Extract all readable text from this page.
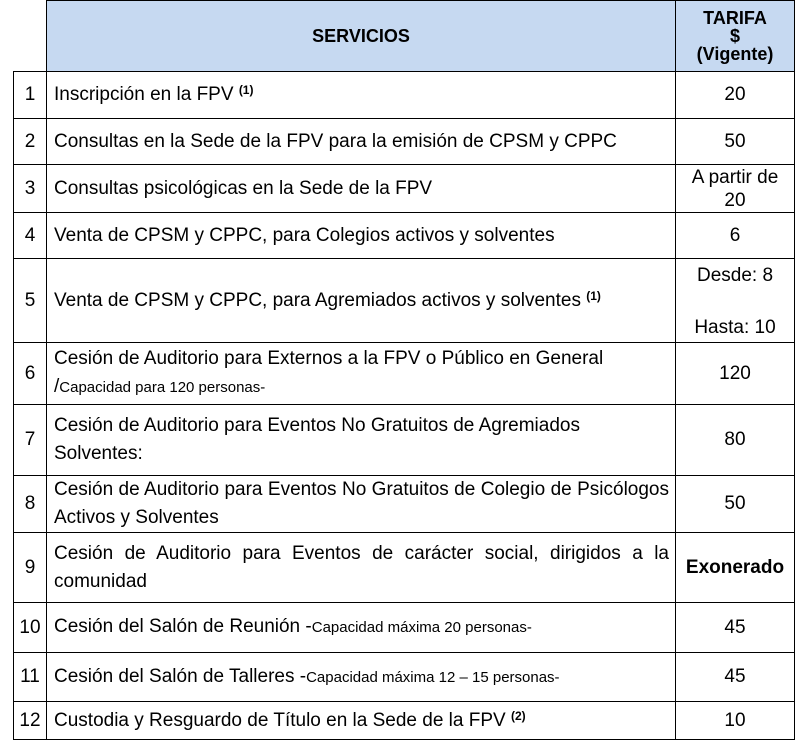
	SERVICIOS	TARIFA
$
(Vigente)

1	Inscripción en la FPV $^{(1)}$	20
2	Consultas en la Sede de la FPV para la emisión de CPSM y CPPC	50
3	Consultas psicológicas en la Sede de la FPV	A partir de
20

4	Venta de CPSM y CPPC, para Colegios activos y solventes	6
5	Venta de CPSM y CPPC, para Agremiados activos y solventes $^{(1)}$	Desde: 8
Hasta: 10

6	Cesión de Auditorio para Externos a la FPV o Público en General /Capacidad para 120 personas-	120
7	Cesión de Auditorio para Eventos No Gratuitos de Agremiados Solventes:	80
8	Cesión de Auditorio para Eventos No Gratuitos de Colegio de Psicólogos Activos y Solventes	50
9	Cesión de Auditorio para Eventos de carácter social, dirigidos a la comunidad	Exonerado
10	Cesión del Salón de Reunión -Capacidad máxima 20 personas-	45
11	Cesión del Salón de Talleres -Capacidad máxima 12 – 15 personas-	45
12	Custodia y Resguardo de Título en la Sede de la FPV $^{(2)}$	10
